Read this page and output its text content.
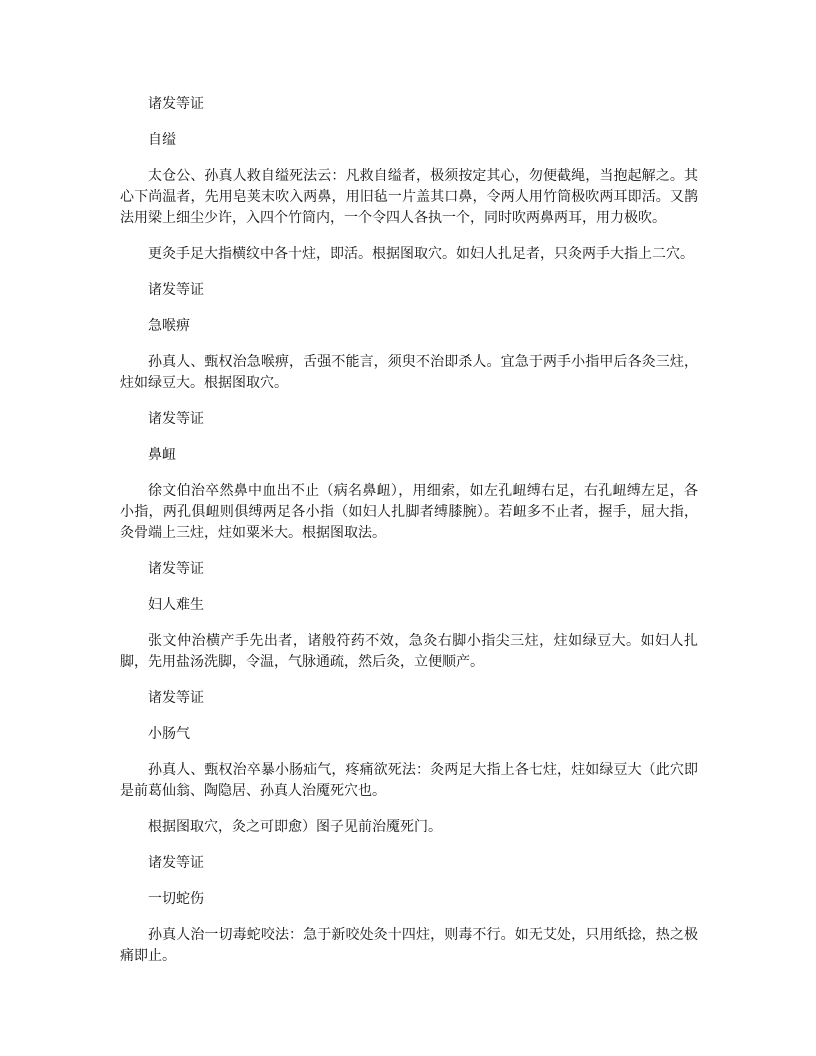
诸发等证

自缢

太仓公、孙真人救自缢死法云：凡救自缢者，极须按定其心，勿便截绳，当抱起解之。其心下尚温者，先用皂荚末吹入两鼻，用旧毡一片盖其口鼻，令两人用竹筒极吹两耳即活。又鹊法用梁上细尘少许，入四个竹筒内，一个令四人各执一个，同时吹两鼻两耳，用力极吹。

更灸手足大指横纹中各十炷，即活。根据图取穴。如妇人扎足者，只灸两手大指上二穴。

诸发等证

急喉痹

孙真人、甄权治急喉痹，舌强不能言，须臾不治即杀人。宜急于两手小指甲后各灸三炷，炷如绿豆大。根据图取穴。

诸发等证

鼻衄

徐文伯治卒然鼻中血出不止（病名鼻衄），用细索，如左孔衄缚右足，右孔衄缚左足，各小指，两孔俱衄则俱缚两足各小指（如妇人扎脚者缚膝腕）。若衄多不止者，握手，屈大指，灸骨端上三炷，炷如粟米大。根据图取法。

诸发等证

妇人难生

张文仲治横产手先出者，诸般符药不效，急灸右脚小指尖三炷，炷如绿豆大。如妇人扎脚，先用盐汤洗脚，令温，气脉通疏，然后灸，立便顺产。

诸发等证

小肠气

孙真人、甄权治卒暴小肠疝气，疼痛欲死法：灸两足大指上各七炷，炷如绿豆大（此穴即是前葛仙翁、陶隐居、孙真人治魇死穴也。

根据图取穴，灸之可即愈）图子见前治魇死门。

诸发等证

一切蛇伤

孙真人治一切毒蛇咬法：急于新咬处灸十四炷，则毒不行。如无艾处，只用纸捻，热之极痛即止。
